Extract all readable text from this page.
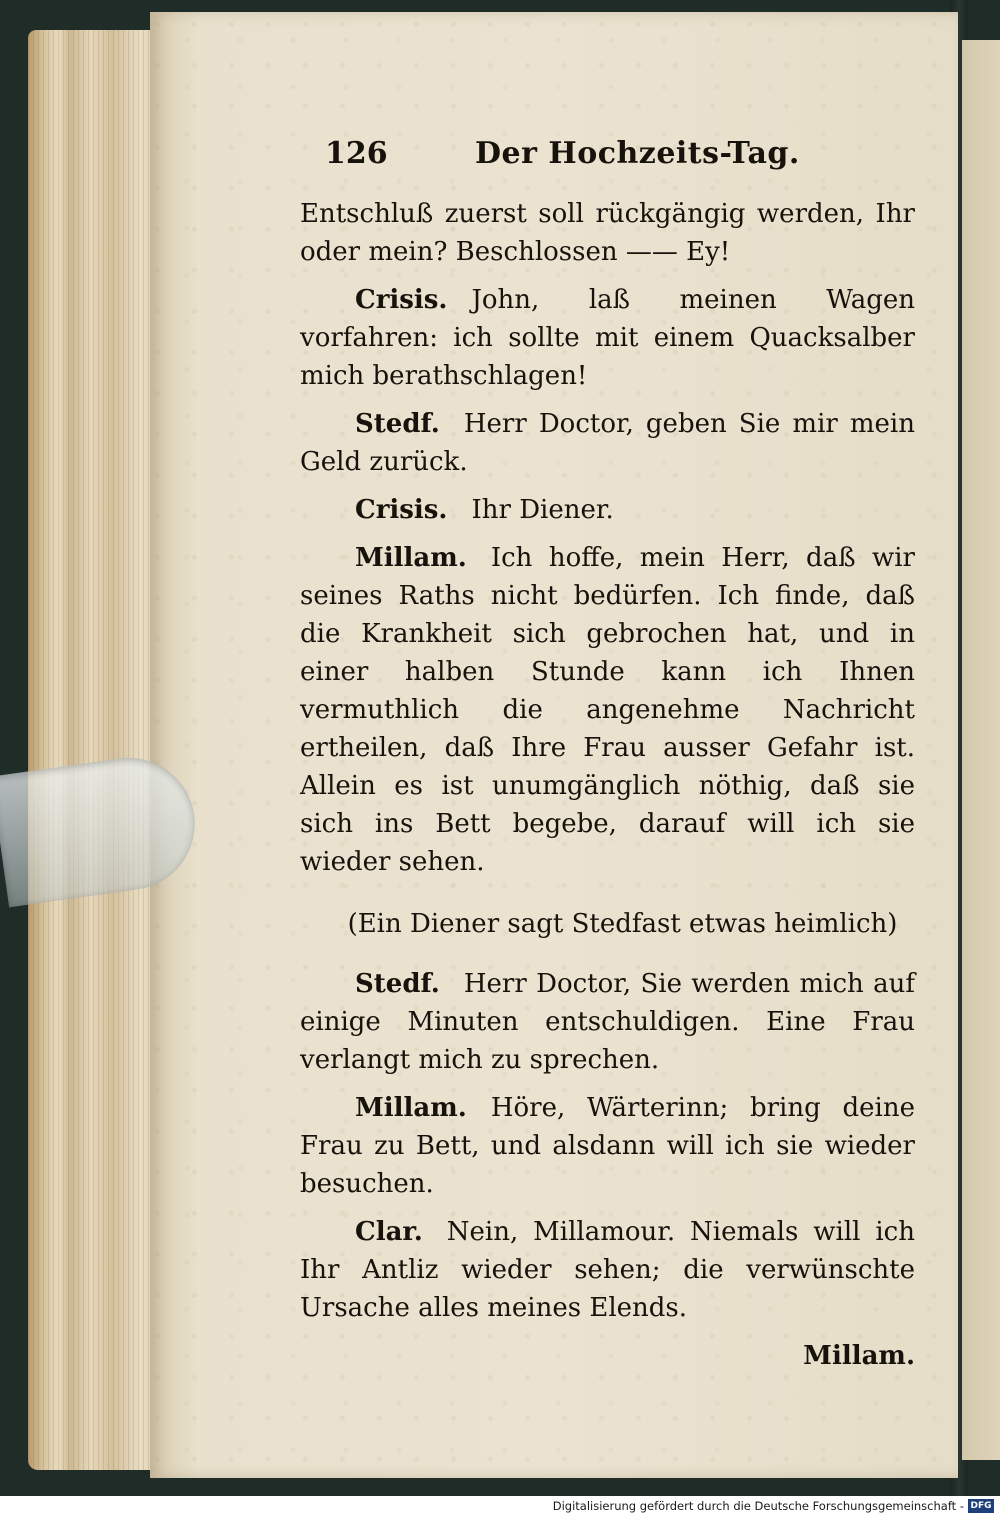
126	Der Hochzeits-Tag.

Entschluß zuerst soll rückgängig werden, Ihr oder mein? Beschlossen —— Ey!

Crisis. John, laß meinen Wagen vorfahren: ich sollte mit einem Quacksalber mich berathschlagen!

Stedf. Herr Doctor, geben Sie mir mein Geld zurück.

Crisis. Ihr Diener.

Millam. Ich hoffe, mein Herr, daß wir seines Raths nicht bedürfen. Ich finde, daß die Krankheit sich gebrochen hat, und in einer halben Stunde kann ich Ihnen vermuthlich die angenehme Nachricht ertheilen, daß Ihre Frau ausser Gefahr ist. Allein es ist unumgänglich nöthig, daß sie sich ins Bett begebe, darauf will ich sie wieder sehen.

(Ein Diener sagt Stedfast etwas heimlich)

Stedf. Herr Doctor, Sie werden mich auf einige Minuten entschuldigen. Eine Frau verlangt mich zu sprechen.

Millam. Höre, Wärterinn; bring deine Frau zu Bett, und alsdann will ich sie wieder besuchen.

Clar. Nein, Millamour. Niemals will ich Ihr Antliz wieder sehen; die verwünschte Ursache alles meines Elends.

Millam.

Digitalisierung gefördert durch die Deutsche Forschungsgemeinschaft - DFG
